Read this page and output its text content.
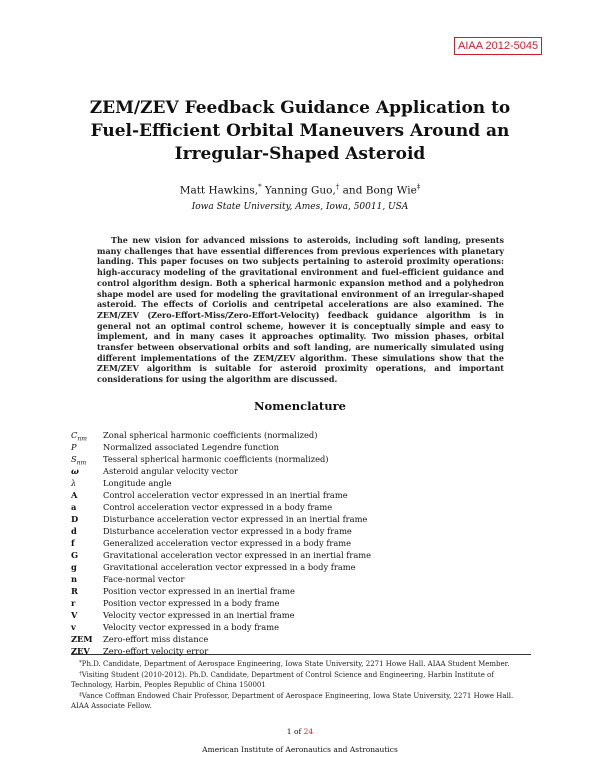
AIAA 2012-5045
ZEM/ZEV Feedback Guidance Application to
Fuel-Efficient Orbital Maneuvers Around an
Irregular-Shaped Asteroid
Matt Hawkins,* Yanning Guo,† and Bong Wie‡
Iowa State University, Ames, Iowa, 50011, USA

The new vision for advanced missions to asteroids, including soft landing, presents many challenges that have essential differences from previous experiences with planetary landing. This paper focuses on two subjects pertaining to asteroid proximity operations: high-accuracy modeling of the gravitational environment and fuel-efficient guidance and control algorithm design. Both a spherical harmonic expansion method and a polyhedron shape model are used for modeling the gravitational environment of an irregular-shaped asteroid. The effects of Coriolis and centripetal accelerations are also examined. The ZEM/ZEV (Zero-Effort-Miss/Zero-Effort-Velocity) feedback guidance algorithm is in general not an optimal control scheme, however it is conceptually simple and easy to implement, and in many cases it approaches optimality. Two mission phases, orbital transfer between observational orbits and soft landing, are numerically simulated using different implementations of the ZEM/ZEV algorithm. These simulations show that the ZEM/ZEV algorithm is suitable for asteroid proximity operations, and important considerations for using the algorithm are discussed.

Nomenclature
$C_{nm}$	Zonal spherical harmonic coefficients (normalized)
P	Normalized associated Legendre function
$S_{nm}$	Tesseral spherical harmonic coefficients (normalized)
ω	Asteroid angular velocity vector
λ	Longitude angle
A	Control acceleration vector expressed in an inertial frame
a	Control acceleration vector expressed in a body frame
D	Disturbance acceleration vector expressed in an inertial frame
d	Disturbance acceleration vector expressed in a body frame
f	Generalized acceleration vector expressed in a body frame
G	Gravitational acceleration vector expressed in an inertial frame
g	Gravitational acceleration vector expressed in a body frame
n	Face-normal vector
R	Position vector expressed in an inertial frame
r	Position vector expressed in a body frame
V	Velocity vector expressed in an inertial frame
v	Velocity vector expressed in a body frame
ZEM	Zero-effort miss distance
ZEV	Zero-effort velocity error

*Ph.D. Candidate, Department of Aerospace Engineering, Iowa State University, 2271 Howe Hall. AIAA Student Member.

†Visiting Student (2010-2012). Ph.D. Candidate, Department of Control Science and Engineering, Harbin Institute of Technology, Harbin, Peoples Republic of China 150001

‡Vance Coffman Endowed Chair Professor, Department of Aerospace Engineering, Iowa State University, 2271 Howe Hall. AIAA Associate Fellow.

1 of 24
American Institute of Aeronautics and Astronautics
